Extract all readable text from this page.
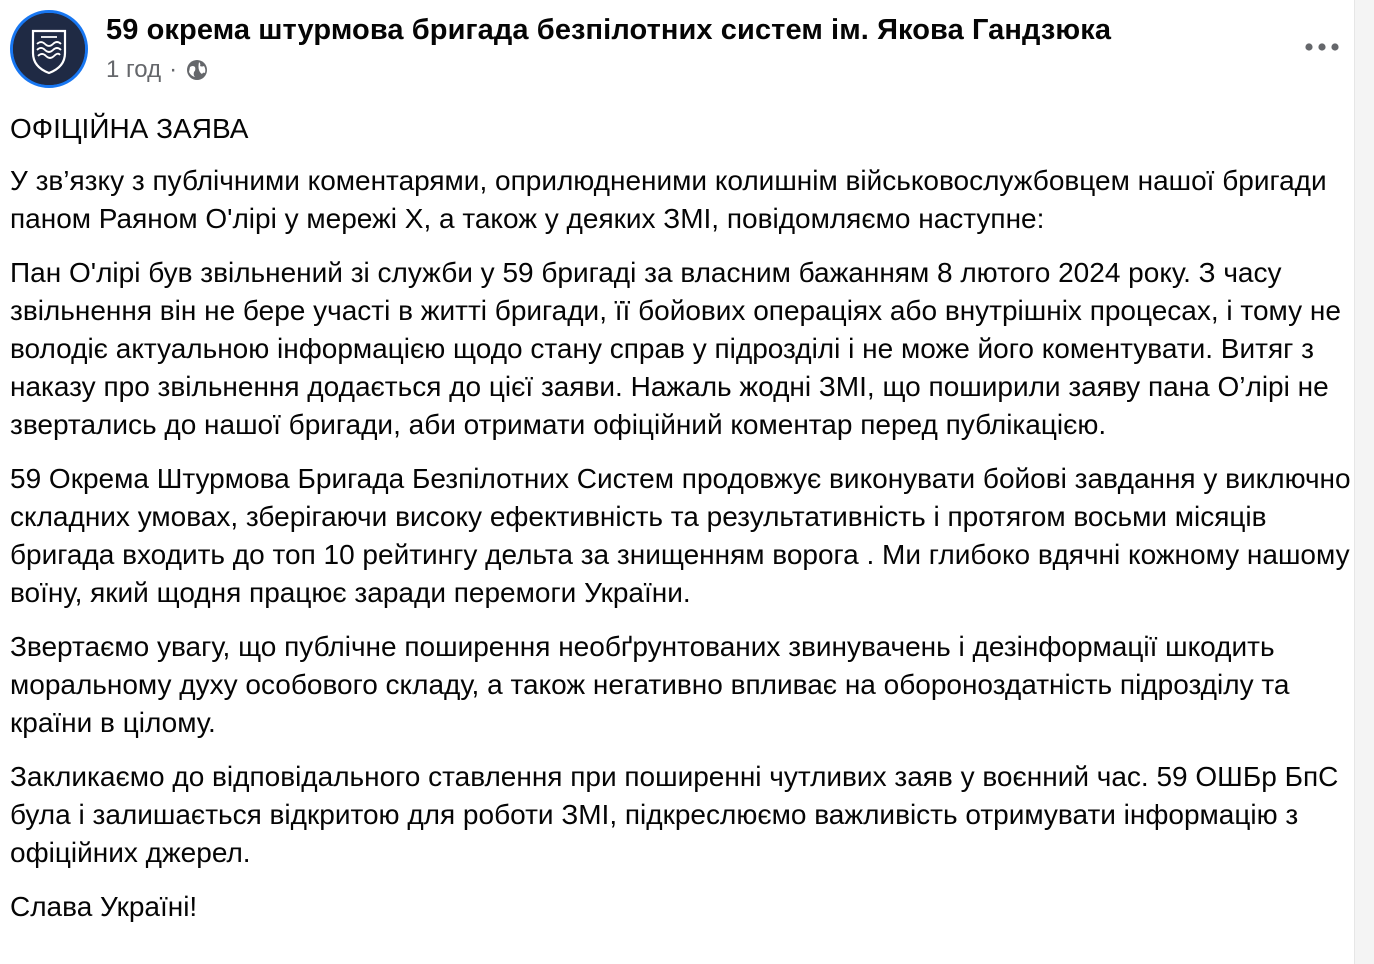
59 окрема штурмова бригада безпілотних систем ім. Якова Гандзюка
1 год ·

ОФІЦІЙНА ЗАЯВА

У зв’язку з публічними коментарями, оприлюдненими колишнім військовослужбовцем нашої бригади паном Раяном О'лірі у мережі Х, а також у деяких ЗМІ, повідомляємо наступне:

Пан О'лірі був звільнений зі служби у 59 бригаді за власним бажанням 8 лютого 2024 року. З часу звільнення він не бере участі в житті бригади, її бойових операціях або внутрішніх процесах, і тому не володіє актуальною інформацією щодо стану справ у підрозділі і не може його коментувати. Витяг з наказу про звільнення додається до цієї заяви. Нажаль жодні ЗМІ, що поширили заяву пана О’лірі не звертались до нашої бригади, аби отримати офіційний коментар перед публікацією.

59 Окрема Штурмова Бригада Безпілотних Систем продовжує виконувати бойові завдання у виключно складних умовах, зберігаючи високу ефективність та результативність і протягом восьми місяців бригада входить до топ 10 рейтингу дельта за знищенням ворога . Ми глибоко вдячні кожному нашому воїну, який щодня працює заради перемоги України.

Звертаємо увагу, що публічне поширення необґрунтованих звинувачень і дезінформації шкодить моральному духу особового складу, а також негативно впливає на обороноздатність підрозділу та країни в цілому.

Закликаємо до відповідального ставлення при поширенні чутливих заяв у воєнний час. 59 ОШБр БпС була і залишається відкритою для роботи ЗМІ, підкреслюємо важливість отримувати інформацію з офіційних джерел.

Слава Україні!
